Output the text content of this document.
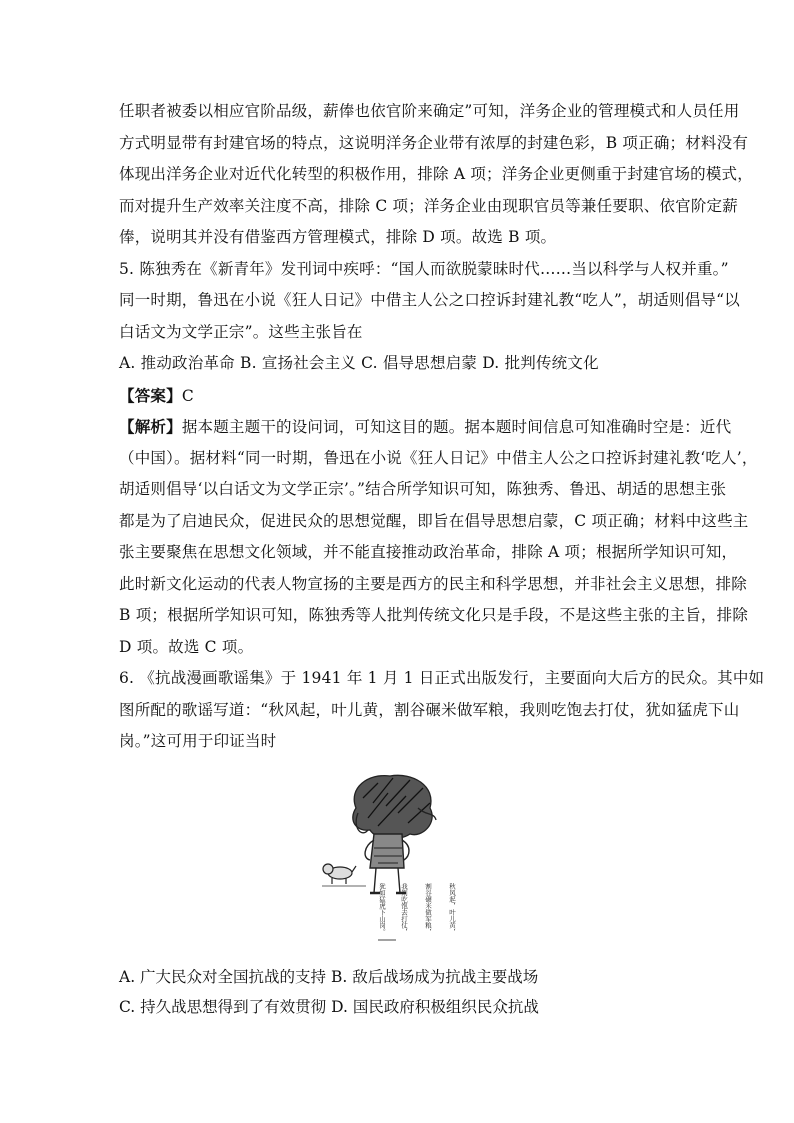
任职者被委以相应官阶品级，薪俸也依官阶来确定”可知，洋务企业的管理模式和人员任用
方式明显带有封建官场的特点，这说明洋务企业带有浓厚的封建色彩，B 项正确；材料没有
体现出洋务企业对近代化转型的积极作用，排除 A 项；洋务企业更侧重于封建官场的模式，
而对提升生产效率关注度不高，排除 C 项；洋务企业由现职官员等兼任要职、依官阶定薪
俸，说明其并没有借鉴西方管理模式，排除 D 项。故选 B 项。
5. 陈独秀在《新青年》发刊词中疾呼：“国人而欲脱蒙昧时代……当以科学与人权并重。”
同一时期，鲁迅在小说《狂人日记》中借主人公之口控诉封建礼教“吃人”，胡适则倡导“以
白话文为文学正宗”。这些主张旨在
A. 推动政治革命 B. 宣扬社会主义 C. 倡导思想启蒙 D. 批判传统文化
【答案】C
【解析】据本题主题干的设问词，可知这目的题。据本题时间信息可知准确时空是：近代
（中国）。据材料“同一时期，鲁迅在小说《狂人日记》中借主人公之口控诉封建礼教‘吃人’，
胡适则倡导‘以白话文为文学正宗’。”结合所学知识可知，陈独秀、鲁迅、胡适的思想主张
都是为了启迪民众，促进民众的思想觉醒，即旨在倡导思想启蒙，C 项正确；材料中这些主
张主要聚焦在思想文化领域，并不能直接推动政治革命，排除 A 项；根据所学知识可知，
此时新文化运动的代表人物宣扬的主要是西方的民主和科学思想，并非社会主义思想，排除
B 项；根据所学知识可知，陈独秀等人批判传统文化只是手段，不是这些主张的主旨，排除
D 项。故选 C 项。
6. 《抗战漫画歌谣集》于 1941 年 1 月 1 日正式出版发行，主要面向大后方的民众。其中如
图所配的歌谣写道：“秋风起，叶儿黄，割谷碾米做军粮，我则吃饱去打仗，犹如猛虎下山
岗。”这可用于印证当时
秋风起，叶儿黄，
割谷碾米做军粮，
我则吃饱去打仗，
犹如猛虎下山岗。
A. 广大民众对全国抗战的支持 B. 敌后战场成为抗战主要战场
C. 持久战思想得到了有效贯彻 D. 国民政府积极组织民众抗战
